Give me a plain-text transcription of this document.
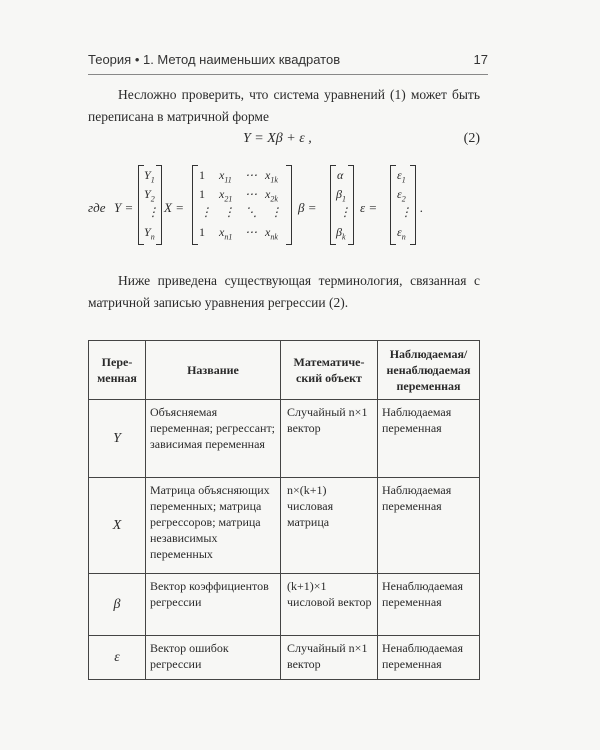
Теория • 1. Метод наименьших квадратов	17
Несложно проверить, что система уравнений (1) может быть переписана в матричной форме
Y = Xβ + ε ,	(2)
где Y =
$Y_1$
$Y_2$
⋮
$Y_n$
X =
1 $x_{11}$ ⋯ $x_{1k}$
1 $x_{21}$ ⋯ $x_{2k}$
⋮ ⋮ ⋱ ⋮
1 $x_{n1}$ ⋯ $x_{nk}$
β =
α
$\beta_1$
⋮
$\beta_k$
ε =
$\varepsilon_1$
$\varepsilon_2$
⋮
$\varepsilon_n$
.
Ниже приведена существующая терминология, связанная с матричной записью уравнения регрессии (2).
Пере-менная	Название	Математиче-ский объект	Наблюдаемая/ ненаблюдаемая переменная
Y	Объясняемая переменная; регрессант; зависимая переменная	Случайный n×1 вектор	Наблюдаемая переменная
X	Матрица объясняющих переменных; матрица регрессоров; матрица независимых переменных	n×(k+1) числовая матрица	Наблюдаемая переменная
β	Вектор коэффициентов регрессии	(k+1)×1 числовой вектор	Ненаблюдаемая переменная
ε	Вектор ошибок регрессии	Случайный n×1 вектор	Ненаблюдаемая переменная
